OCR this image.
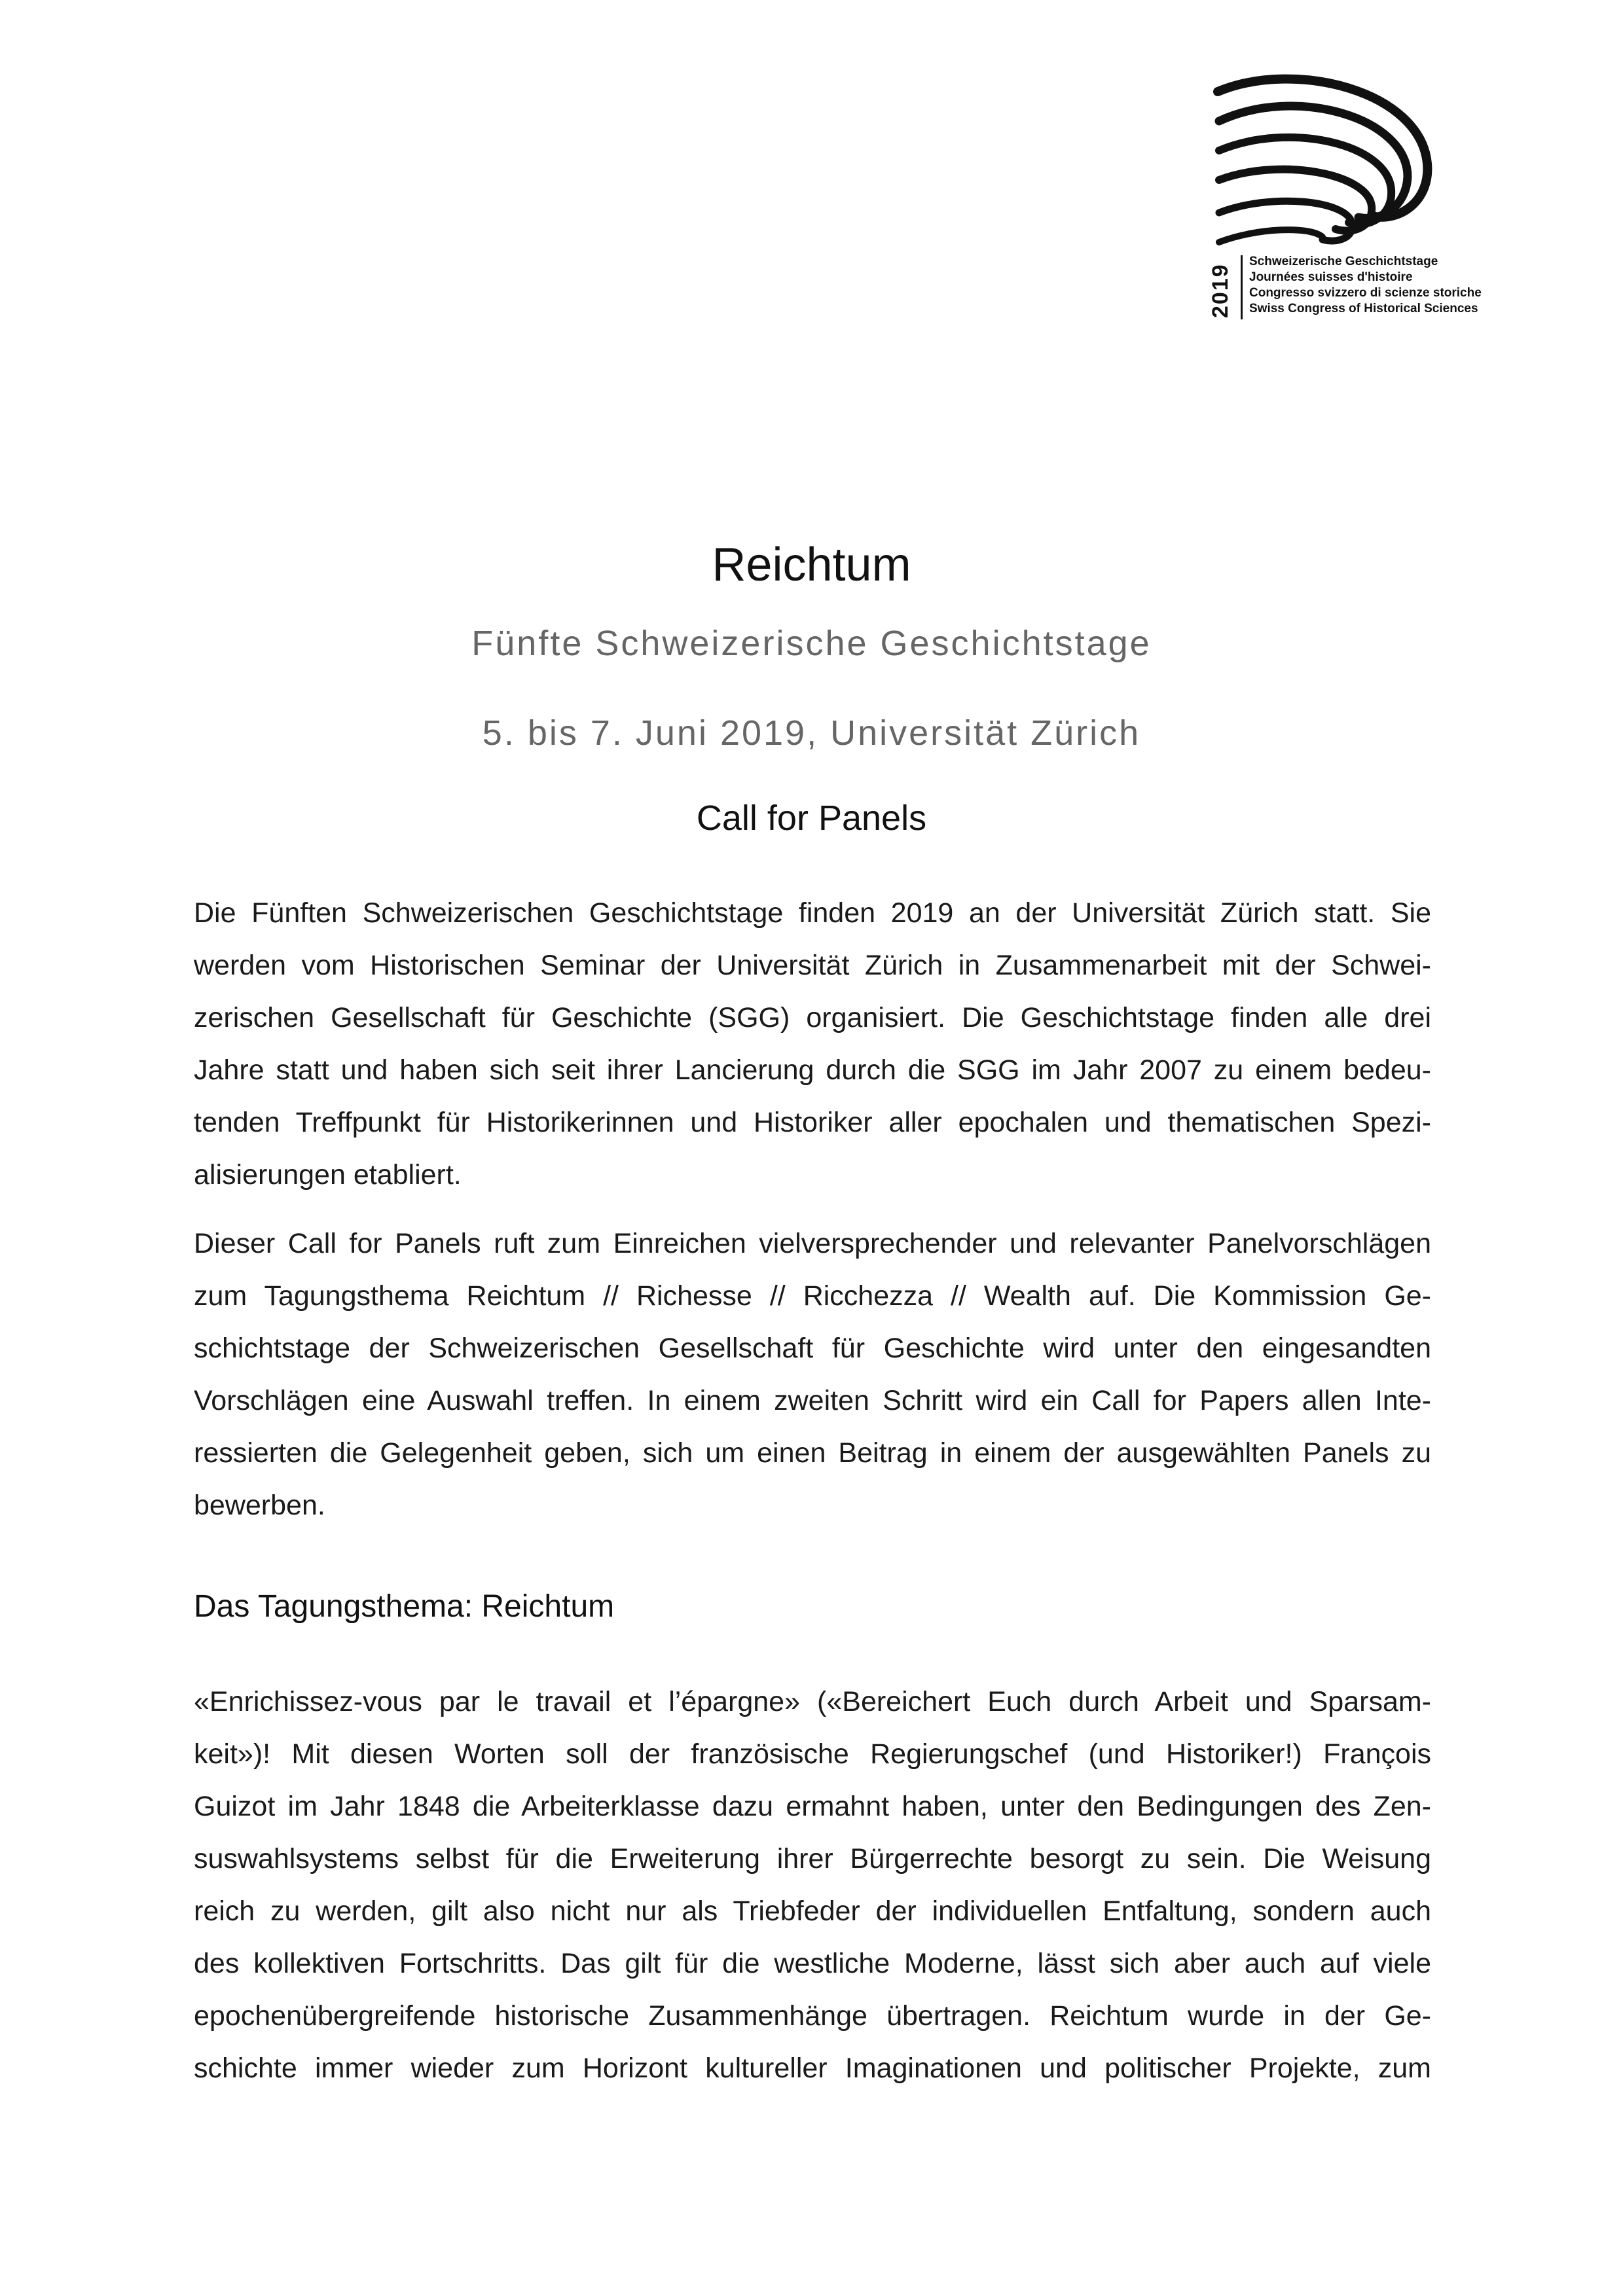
2019
Schweizerische Geschichtstage
Journées suisses d'histoire
Congresso svizzero di scienze storiche
Swiss Congress of Historical Sciences
Reichtum
Fünfte Schweizerische Geschichtstage
5. bis 7. Juni 2019, Universität Zürich
Call for Panels
Die Fünften Schweizerischen Geschichtstage finden 2019 an der Universität Zürich statt. Sie
werden vom Historischen Seminar der Universität Zürich in Zusammenarbeit mit der Schwei-
zerischen Gesellschaft für Geschichte (SGG) organisiert. Die Geschichtstage finden alle drei
Jahre statt und haben sich seit ihrer Lancierung durch die SGG im Jahr 2007 zu einem bedeu-
tenden Treffpunkt für Historikerinnen und Historiker aller epochalen und thematischen Spezi-
alisierungen etabliert.
Dieser Call for Panels ruft zum Einreichen vielversprechender und relevanter Panelvorschlägen
zum Tagungsthema Reichtum // Richesse // Ricchezza // Wealth auf. Die Kommission Ge-
schichtstage der Schweizerischen Gesellschaft für Geschichte wird unter den eingesandten
Vorschlägen eine Auswahl treffen. In einem zweiten Schritt wird ein Call for Papers allen Inte-
ressierten die Gelegenheit geben, sich um einen Beitrag in einem der ausgewählten Panels zu
bewerben.
Das Tagungsthema: Reichtum
«Enrichissez-vous par le travail et l’épargne» («Bereichert Euch durch Arbeit und Sparsam-
keit»)! Mit diesen Worten soll der französische Regierungschef (und Historiker!) François
Guizot im Jahr 1848 die Arbeiterklasse dazu ermahnt haben, unter den Bedingungen des Zen-
suswahlsystems selbst für die Erweiterung ihrer Bürgerrechte besorgt zu sein. Die Weisung
reich zu werden, gilt also nicht nur als Triebfeder der individuellen Entfaltung, sondern auch
des kollektiven Fortschritts. Das gilt für die westliche Moderne, lässt sich aber auch auf viele
epochenübergreifende historische Zusammenhänge übertragen. Reichtum wurde in der Ge-
schichte immer wieder zum Horizont kultureller Imaginationen und politischer Projekte, zum
